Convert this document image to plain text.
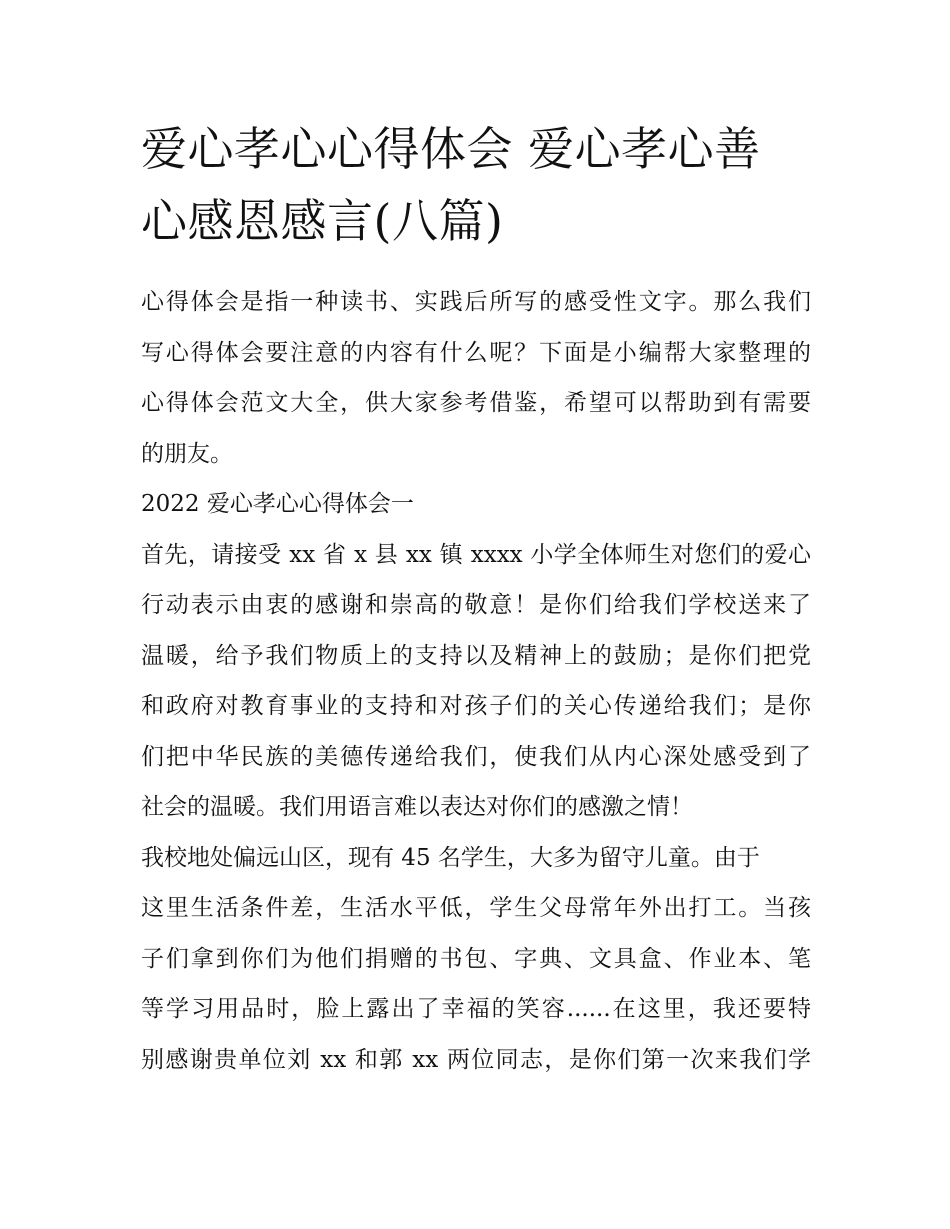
爱心孝心心得体会 爱心孝心善
心感恩感言(八篇)
心得体会是指一种读书、实践后所写的感受性文字。那么我们
写心得体会要注意的内容有什么呢？下面是小编帮大家整理的
心得体会范文大全，供大家参考借鉴，希望可以帮助到有需要
的朋友。
2022 爱心孝心心得体会一
首先，请接受 xx 省 x 县 xx 镇 xxxx 小学全体师生对您们的爱心
行动表示由衷的感谢和崇高的敬意！是你们给我们学校送来了
温暖，给予我们物质上的支持以及精神上的鼓励；是你们把党
和政府对教育事业的支持和对孩子们的关心传递给我们；是你
们把中华民族的美德传递给我们，使我们从内心深处感受到了
社会的温暖。我们用语言难以表达对你们的感激之情！
我校地处偏远山区，现有 45 名学生，大多为留守儿童。由于
这里生活条件差，生活水平低，学生父母常年外出打工。当孩
子们拿到你们为他们捐赠的书包、字典、文具盒、作业本、笔
等学习用品时，脸上露出了幸福的笑容......在这里，我还要特
别感谢贵单位刘 xx 和郭 xx 两位同志，是你们第一次来我们学
